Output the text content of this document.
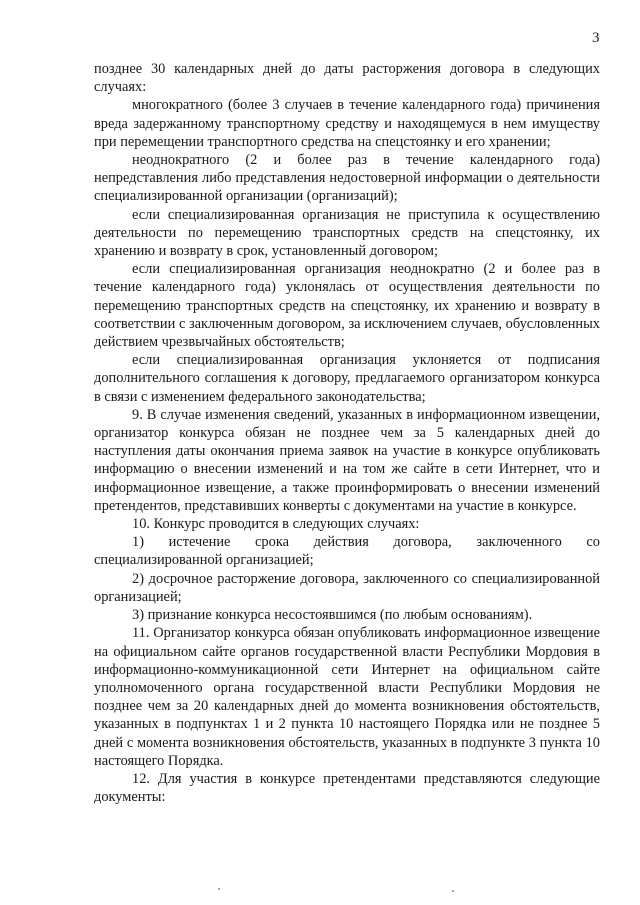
3

позднее 30 календарных дней до даты расторжения договора в следующих случаях:

многократного (более 3 случаев в течение календарного года) причинения вреда задержанному транспортному средству и находящемуся в нем имуществу при перемещении транспортного средства на спецстоянку и его хранении;

неоднократного (2 и более раз в течение календарного года) непредставления либо представления недостоверной информации о деятельности специализированной организации (организаций);

если специализированная организация не приступила к осуществлению деятельности по перемещению транспортных средств на спецстоянку, их хранению и возврату в срок, установленный договором;

если специализированная организация неоднократно (2 и более раз в течение календарного года) уклонялась от осуществления деятельности по перемещению транспортных средств на спецстоянку, их хранению и возврату в соответствии с заключенным договором, за исключением случаев, обусловленных действием чрезвычайных обстоятельств;

если специализированная организация уклоняется от подписания дополнительного соглашения к договору, предлагаемого организатором конкурса в связи с изменением федерального законодательства;

9. В случае изменения сведений, указанных в информационном извещении, организатор конкурса обязан не позднее чем за 5 календарных дней до наступления даты окончания приема заявок на участие в конкурсе опубликовать информацию о внесении изменений и на том же сайте в сети Интернет, что и информационное извещение, а также проинформировать о внесении изменений претендентов, представивших конверты с документами на участие в конкурсе.

10. Конкурс проводится в следующих случаях:

1) истечение срока действия договора, заключенного со специализированной организацией;

2) досрочное расторжение договора, заключенного со специализированной организацией;

3) признание конкурса несостоявшимся (по любым основаниям).

11. Организатор конкурса обязан опубликовать информационное извещение на официальном сайте органов государственной власти Республики Мордовия в информационно-коммуникационной сети Интернет на официальном сайте уполномоченного органа государственной власти Республики Мордовия не позднее чем за 20 календарных дней до момента возникновения обстоятельств, указанных в подпунктах 1 и 2 пункта 10 настоящего Порядка или не позднее 5 дней с момента возникновения обстоятельств, указанных в подпункте 3 пункта 10 настоящего Порядка.

12. Для участия в конкурсе претендентами представляются следующие документы:
